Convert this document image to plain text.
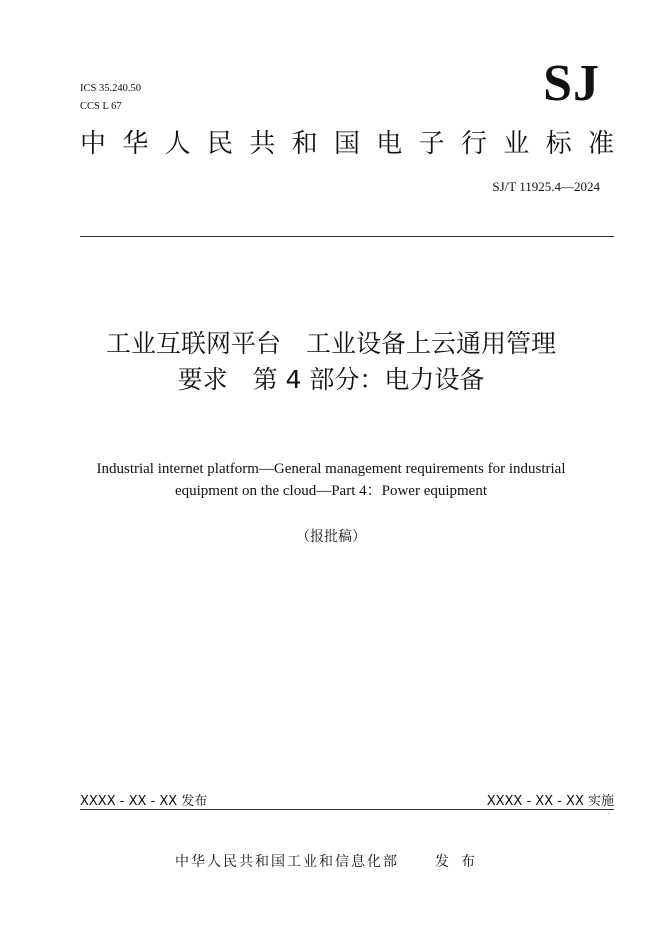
ICS 35.240.50
CCS L 67	SJ
中 华 人 民 共 和 国 电 子 行 业 标 准
SJ/T 11925.4—2024
工业互联网平台　工业设备上云通用管理
要求　第 4 部分：电力设备
Industrial internet platform—General management requirements for industrial
equipment on the cloud—Part 4：Power equipment
（报批稿）
XXXX - XX - XX 发布	XXXX - XX - XX 实施
中华人民共和国工业和信息化部	发布
